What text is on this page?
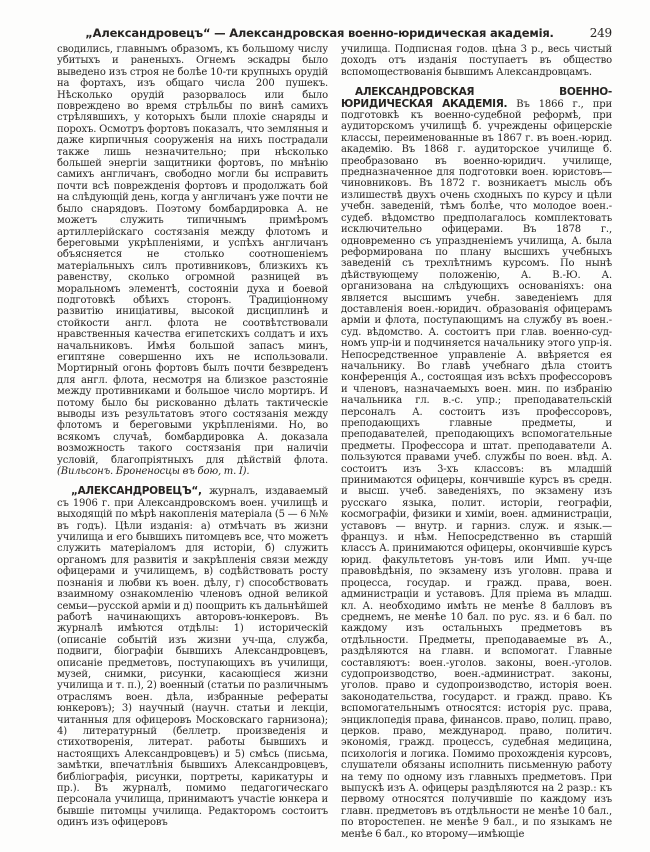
„Александровецъ“ — Александровская военно-юридическая академія.	249

сводились, главнымъ образомъ, къ большому числу убитыхъ и раненыхъ. Огнемъ эскадры было выведено изъ строя не болѣе 10-ти крупныхъ орудій на фортахъ, изъ общаго числа 200 пушекъ. Нѣсколько орудій разорвалось или было повреждено во время стрѣльбы по винѣ самихъ стрѣлявшихъ, у которыхъ были плохіе снаряды и порохъ. Осмотръ фортовъ показалъ, что земляныя и даже кирпичныя сооруженія на нихъ пострадали также лишь незначительно; при нѣсколько большей энергіи защитники фортовъ, по мнѣнію самихъ англичанъ, свободно могли бы исправить почти всѣ поврежденія фортовъ и продолжать бой на слѣдующій день, когда у англичанъ уже почти не было снарядовъ. Поэтому бомбардировка А. не можетъ служить типичнымъ примѣромъ артиллерійскаго состязанія между флотомъ и береговыми укрѣпленіями, и успѣхъ англичанъ объясняется не столько соотношеніемъ матеріальныхъ силъ противниковъ, близкихъ къ равенству, сколько огромной разницей въ моральномъ элементѣ, состояніи духа и боевой подготовкѣ обѣихъ сторонъ. Традиціонному развитію иниціативы, высокой дисциплинѣ и стойкости англ. флота не соотвѣтствовали нравственныя качества египетскихъ солдатъ и ихъ начальниковъ. Имѣя большой запасъ минъ, египтяне совершенно ихъ не использовали. Мортирный огонь фортовъ былъ почти безвреденъ для англ. флота, несмотря на близкое разстояніе между противниками и большое число мортиръ. И потому было бы рискованно дѣлать тактическіе выводы изъ результатовъ этого состязанія между флотомъ и береговыми укрѣпленіями. Но, во всякомъ случаѣ, бомбардировка А. доказала возможность такого состязанія при наличіи условій, благопріятныхъ для дѣйствій флота. (Вильсонъ. Броненосцы въ бою, т. I).

„АЛЕКСАНДРОВЕЦЪ“, журналъ, издаваемый съ 1906 г. при Александровскомъ воен. училищѣ и выходящій по мѣрѣ накопленія матеріала (5 — 6 №№ въ годъ). Цѣли изданія: а) отмѣчать въ жизни училища и его бывшихъ питомцевъ все, что можетъ служить матеріаломъ для исторіи, б) служить органомъ для развитія и закрѣпленія связи между офицерами и училищемъ, в) содѣйствовать росту познанія и любви къ воен. дѣлу, г) способствовать взаимному ознакомленію членовъ одной великой семьи—русской арміи и д) поощрить къ дальнѣйшей работѣ начинающихъ авторовъ-юнкеровъ. Въ журналѣ имѣются отдѣлы: 1) историческій (описаніе событій изъ жизни уч-ща, служба, подвиги, біографіи бывшихъ Александровцевъ, описаніе предметовъ, поступающихъ въ училищи, музей, снимки, рисунки, касающіеся жизни училища и т. п.), 2) военный (статьи по различнымъ отраслямъ воен. дѣла, избранные рефераты юнкеровъ); 3) научный (научн. статьи и лекціи, читанныя для офицеровъ Московскаго гарнизона); 4) литературный (беллетр. произведенія и стихотворенія, литерат. работы бывшихъ и настоящихъ Александровцевъ) и 5) смѣсь (письма, замѣтки, впечатлѣнія бывшихъ Александровцевъ, библіографія, рисунки, портреты, карикатуры и пр.). Въ журналѣ, помимо педагогическаго персонала училища, принимаютъ участіе юнкера и бывшіе питомцы училища. Редакторомъ состоитъ одинъ изъ офицеровъ

училища. Подписная годов. цѣна 3 р., весь чистый доходъ отъ изданія поступаетъ въ общество вспомоществованія бывшимъ Александровцамъ.

АЛЕКСАНДРОВСКАЯ ВОЕННО-ЮРИДИЧЕСКАЯ АКАДЕМІЯ. Въ 1866 г., при подготовкѣ къ военно-судебной реформѣ, при аудиторскомъ училищѣ б. учреждены офицерскіе классы, переименованные въ 1867 г. въ воен.-юрид. академію. Въ 1868 г. аудиторское училище б. преобразовано въ военно-юридич. училище, предназначенное для подготовки воен. юристовъ—чиновниковъ. Въ 1872 г. возникаетъ мысль объ излишествѣ двухъ очень сходныхъ по курсу и цѣли учебн. заведеній, тѣмъ болѣе, что молодое воен.-судеб. вѣдомство предполагалось комплектовать исключительно офицерами. Въ 1878 г., одновременно съ упраздненіемъ училища, А. была реформирована по плану высшихъ учебныхъ заведеній съ трехлѣтнимъ курсомъ. По нынѣ дѣйствующему положенію, А. В.-Ю. А. организована на слѣдующихъ основаніяхъ: она является высшимъ учебн. заведеніемъ для доставленія воен.-юридич. образованія офицерамъ арміи и флота, поступающимъ на службу въ воен.-суд. вѣдомство. А. состоитъ при глав. военно-суд-номъ упр-іи и подчиняется начальнику этого упр-ія. Непосредственное управленіе А. ввѣряется ея начальнику. Во главѣ учебнаго дѣла стоитъ конференція А., состоящая изъ всѣхъ профессоровъ и членовъ, назначаемыхъ воен. мин. по избранію начальника гл. в.-с. упр.; преподавательскій персоналъ А. состоитъ изъ профессоровъ, преподающихъ главные предметы, и преподавателей, преподающихъ вспомогательные предметы. Профессора и штат. преподаватели А. пользуются правами учеб. службы по воен. вѣд. А. состоитъ изъ 3-хъ классовъ: въ младшій принимаются офицеры, кончившіе курсъ въ средн. и высш. учеб. заведеніяхъ, по экзамену изъ русскаго языка, полит. исторіи, географіи, космографіи, физики и химіи, воен. администраціи, уставовъ — внутр. и гарниз. служ. и язык.—француз. и нѣм. Непосредственно въ старшій классъ А. принимаются офицеры, окончившіе курсъ юрид. факультетовъ ун-товъ или Имп. уч-ще правовѣдѣнія, по экзамену изъ уголовн. права и процесса, государ. и гражд. права, воен. администраціи и уставовъ. Для пріема въ младш. кл. А. необходимо имѣть не менѣе 8 балловъ въ среднемъ, не менѣе 10 бал. по рус. яз. и 6 бал. по каждому изъ остальныхъ предметовъ въ отдѣльности. Предметы, преподаваемые въ А., раздѣляются на главн. и вспомогат. Главные составляютъ: воен.-уголов. законы, воен.-уголов. судопроизводство, воен.-администрат. законы, уголов. право и судопроизводство, исторія воен. законодательства, государст. и гражд. право. Къ вспомогательнымъ относятся: исторія рус. права, энциклопедія права, финансов. право, полиц. право, церков. право, международ. право, политич. экономія, гражд. процессъ, судебная медицина, психологія и логика. Помимо прохожденія курсовъ, слушатели обязаны исполнить письменную работу на тему по одному изъ главныхъ предметовъ. При выпускѣ изъ А. офицеры раздѣляются на 2 разр.: къ первому относятся получившіе по каждому изъ главн. предметовъ въ отдѣльности не менѣе 10 бал., по второстепен. не менѣе 9 бал., и по языкамъ не менѣе 6 бал., ко второму—имѣющіе
